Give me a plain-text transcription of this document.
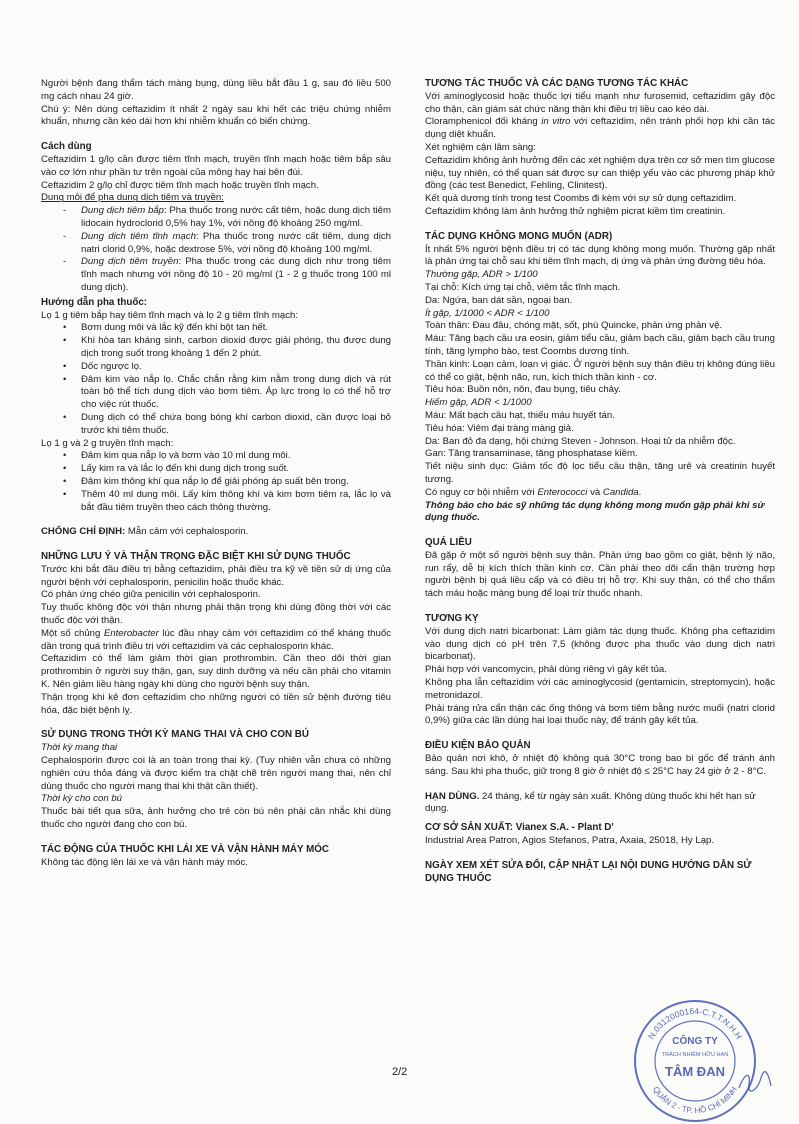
Người bệnh đang thẩm tách màng bụng, dùng liều bắt đầu 1 g, sau đó liều 500 mg cách nhau 24 giờ.

Chú ý: Nên dùng ceftazidim ít nhất 2 ngày sau khi hết các triệu chứng nhiễm khuẩn, nhưng cần kéo dài hơn khi nhiễm khuẩn có biến chứng.

Cách dùng

Ceftazidim 1 g/lọ cần được tiêm tĩnh mạch, truyền tĩnh mạch hoặc tiêm bắp sâu vào cơ lớn như phần tư trên ngoài của mông hay hai bên đùi.

Ceftazidim 2 g/lọ chỉ được tiêm tĩnh mạch hoặc truyền tĩnh mạch.

Dung môi để pha dung dịch tiêm và truyền:

- Dung dịch tiêm bắp: Pha thuốc trong nước cất tiêm, hoặc dung dịch tiêm lidocain hydroclorid 0,5% hay 1%, với nồng độ khoảng 250 mg/ml.
- Dung dịch tiêm tĩnh mạch: Pha thuốc trong nước cất tiêm, dung dịch natri clorid 0,9%, hoặc dextrose 5%, với nồng độ khoảng 100 mg/ml.
- Dung dịch tiêm truyền: Pha thuốc trong các dung dịch như trong tiêm tĩnh mạch nhưng với nồng độ 10 - 20 mg/ml (1 - 2 g thuốc trong 100 ml dung dịch).

Hướng dẫn pha thuốc:

Lọ 1 g tiêm bắp hay tiêm tĩnh mạch và lọ 2 g tiêm tĩnh mạch:

• Bơm dung môi và lắc kỹ đến khi bột tan hết.
• Khi hòa tan kháng sinh, carbon dioxid được giải phóng, thu được dung dịch trong suốt trong khoảng 1 đến 2 phút.
• Dốc ngược lọ.
• Đâm kim vào nắp lọ. Chắc chắn rằng kim nằm trong dung dịch và rút toàn bộ thể tích dung dịch vào bơm tiêm. Áp lực trong lọ có thể hỗ trợ cho việc rút thuốc.
• Dung dịch có thể chứa bong bóng khí carbon dioxid, cần được loại bỏ trước khi tiêm thuốc.

Lọ 1 g và 2 g truyền tĩnh mạch:

• Đâm kim qua nắp lọ và bơm vào 10 ml dung môi.
• Lấy kim ra và lắc lọ đến khi dung dịch trong suốt.
• Đâm kim thông khí qua nắp lọ để giải phóng áp suất bên trong.
• Thêm 40 ml dung môi. Lấy kim thông khí và kim bơm tiêm ra, lắc lọ và bắt đầu tiêm truyền theo cách thông thường.

CHỐNG CHỈ ĐỊNH: Mẫn cảm với cephalosporin.

NHỮNG LƯU Ý VÀ THẬN TRỌNG ĐẶC BIỆT KHI SỬ DỤNG THUỐC

Trước khi bắt đầu điều trị bằng ceftazidim, phải điều tra kỹ về tiền sử dị ứng của người bệnh với cephalosporin, penicilin hoặc thuốc khác.

Có phản ứng chéo giữa penicilin với cephalosporin.

Tuy thuốc không độc với thận nhưng phải thận trọng khi dùng đồng thời với các thuốc độc với thận.

Một số chủng Enterobacter lúc đầu nhạy cảm với ceftazidim có thể kháng thuốc dần trong quá trình điều trị với ceftazidim và các cephalosporin khác.

Ceftazidim có thể làm giảm thời gian prothrombin. Cần theo dõi thời gian prothrombin ở người suy thận, gan, suy dinh dưỡng và nếu cần phải cho vitamin K. Nên giảm liều hàng ngày khi dùng cho người bệnh suy thận.

Thận trọng khi kê đơn ceftazidim cho những người có tiền sử bệnh đường tiêu hóa, đặc biệt bệnh lỵ.

SỬ DỤNG TRONG THỜI KỲ MANG THAI VÀ CHO CON BÚ

Thời kỳ mang thai

Cephalosporin được coi là an toàn trong thai kỳ. (Tuy nhiên vẫn chưa có những nghiên cứu thỏa đáng và được kiểm tra chặt chẽ trên người mang thai, nên chỉ dùng thuốc cho người mang thai khi thật cần thiết).

Thời kỳ cho con bú

Thuốc bài tiết qua sữa, ảnh hưởng cho trẻ còn bú nên phải cân nhắc khi dùng thuốc cho người đang cho con bú.

TÁC ĐỘNG CỦA THUỐC KHI LÁI XE VÀ VẬN HÀNH MÁY MÓC

Không tác động lên lái xe và vận hành máy móc.

TƯƠNG TÁC THUỐC VÀ CÁC DẠNG TƯƠNG TÁC KHÁC

Với aminoglycosid hoặc thuốc lợi tiểu mạnh như furosemid, ceftazidim gây độc cho thận, cần giám sát chức năng thận khi điều trị liều cao kéo dài.

Cloramphenicol đối kháng in vitro với ceftazidim, nên tránh phối hợp khi cần tác dụng diệt khuẩn.

Xét nghiệm cận lâm sàng:

Ceftazidim không ảnh hưởng đến các xét nghiệm dựa trên cơ sở men tìm glucose niệu, tuy nhiên, có thể quan sát được sự can thiệp yếu vào các phương pháp khử đồng (các test Benedict, Fehling, Clinitest).

Kết quả dương tính trong test Coombs đi kèm với sự sử dụng ceftazidim.

Ceftazidim không làm ảnh hưởng thử nghiệm picrat kiềm tìm creatinin.

TÁC DỤNG KHÔNG MONG MUỐN (ADR)

Ít nhất 5% người bệnh điều trị có tác dụng không mong muốn. Thường gặp nhất là phản ứng tại chỗ sau khi tiêm tĩnh mạch, dị ứng và phản ứng đường tiêu hóa.

Thường gặp, ADR > 1/100

Tại chỗ: Kích ứng tại chỗ, viêm tắc tĩnh mạch.

Da: Ngứa, ban dát sần, ngoại ban.

Ít gặp, 1/1000 < ADR < 1/100

Toàn thân: Đau đầu, chóng mặt, sốt, phù Quincke, phản ứng phản vệ.

Máu: Tăng bạch cầu ưa eosin, giảm tiểu cầu, giảm bạch cầu, giảm bạch cầu trung tính, tăng lympho bào, test Coombs dương tính.

Thần kinh: Loạn cảm, loạn vị giác. Ở người bệnh suy thận điều trị không đúng liều có thể co giật, bệnh não, run, kích thích thần kinh - cơ.

Tiêu hóa: Buồn nôn, nôn, đau bụng, tiêu chảy.

Hiếm gặp, ADR < 1/1000

Máu: Mất bạch cầu hạt, thiếu máu huyết tán.

Tiêu hóa: Viêm đại tràng màng giả.

Da: Ban đỏ đa dạng, hội chứng Steven - Johnson. Hoại tử da nhiễm độc.

Gan: Tăng transaminase, tăng phosphatase kiềm.

Tiết niệu sinh dục: Giảm tốc độ lọc tiểu cầu thận, tăng urê và creatinin huyết tương.

Có nguy cơ bội nhiễm với Enterococci và Candida.

Thông báo cho bác sỹ những tác dụng không mong muốn gặp phải khi sử dụng thuốc.

QUÁ LIỀU

Đã gặp ở một số người bệnh suy thận. Phản ứng bao gồm co giật, bệnh lý não, run rẩy, dễ bị kích thích thần kinh cơ. Cần phải theo dõi cẩn thận trường hợp người bệnh bị quá liều cấp và có điều trị hỗ trợ. Khi suy thận, có thể cho thẩm tách máu hoặc màng bụng để loại trừ thuốc nhanh.

TƯƠNG KỴ

Với dung dịch natri bicarbonat: Làm giảm tác dụng thuốc. Không pha ceftazidim vào dung dịch có pH trên 7,5 (không được pha thuốc vào dung dịch natri bicarbonat).

Phải hợp với vancomycin, phải dùng riêng vì gây kết tủa.

Không pha lẫn ceftazidim với các aminoglycosid (gentamicin, streptomycin), hoặc metronidazol.

Phải tráng rửa cẩn thận các ống thông và bơm tiêm bằng nước muối (natri clorid 0,9%) giữa các lần dùng hai loại thuốc này, để tránh gây kết tủa.

ĐIỀU KIỆN BẢO QUẢN

Bảo quản nơi khô, ở nhiệt độ không quá 30°C trong bao bì gốc để tránh ánh sáng. Sau khi pha thuốc, giữ trong 8 giờ ở nhiệt độ ≤ 25°C hay 24 giờ ở 2 - 8°C.

HẠN DÙNG. 24 tháng, kể từ ngày sản xuất. Không dùng thuốc khi hết hạn sử dụng.

CƠ SỞ SẢN XUẤT: Vianex S.A. - Plant D'

Industrial Area Patron, Agios Stefanos, Patra, Axaia, 25018, Hy Lạp.

NGÀY XEM XÉT SỬA ĐỔI, CẬP NHẬT LẠI NỘI DUNG HƯỚNG DẪN SỬ DỤNG THUỐC

2/2
N.0312000164-C.T.T.N.H.H
QUẬN 2 - TP. HỒ CHÍ MINH
CÔNG TY
TRÁCH NHIỆM HỮU HẠN
TÂM ĐAN
